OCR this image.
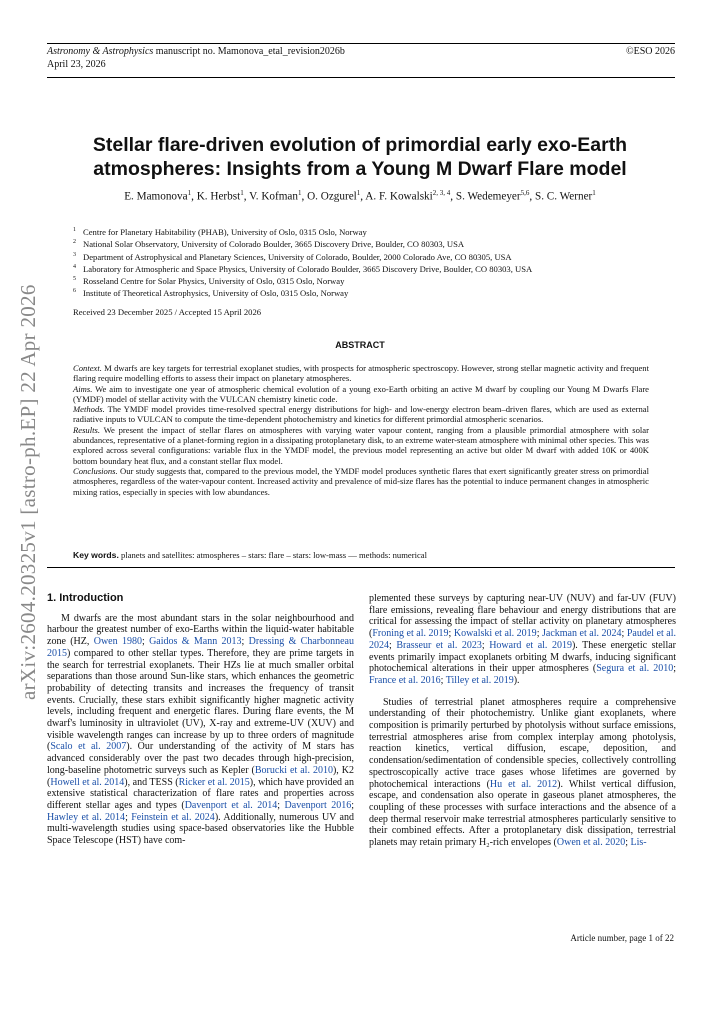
Astronomy & Astrophysics manuscript no. Mamonova_etal_revision2026b
April 23, 2026
©ESO 2026
arXiv:2604.20325v1 [astro-ph.EP] 22 Apr 2026
Stellar flare-driven evolution of primordial early exo-Earth atmospheres: Insights from a Young M Dwarf Flare model
E. Mamonova$^1$, K. Herbst$^1$, V. Kofman$^1$, O. Ozgurel$^1$, A. F. Kowalski$^{2, 3, 4}$, S. Wedemeyer$^{5,6}$, S. C. Werner$^1$
$^1$ Centre for Planetary Habitability (PHAB), University of Oslo, 0315 Oslo, Norway
$^2$ National Solar Observatory, University of Colorado Boulder, 3665 Discovery Drive, Boulder, CO 80303, USA
$^3$ Department of Astrophysical and Planetary Sciences, University of Colorado, Boulder, 2000 Colorado Ave, CO 80305, USA
$^4$ Laboratory for Atmospheric and Space Physics, University of Colorado Boulder, 3665 Discovery Drive, Boulder, CO 80303, USA
$^5$ Rosseland Centre for Solar Physics, University of Oslo, 0315 Oslo, Norway
$^6$ Institute of Theoretical Astrophysics, University of Oslo, 0315 Oslo, Norway
Received 23 December 2025 / Accepted 15 April 2026
ABSTRACT

Context. M dwarfs are key targets for terrestrial exoplanet studies, with prospects for atmospheric spectroscopy. However, strong stellar magnetic activity and frequent flaring require modelling efforts to assess their impact on planetary atmospheres.

Aims. We aim to investigate one year of atmospheric chemical evolution of a young exo-Earth orbiting an active M dwarf by coupling our Young M Dwarfs Flare (YMDF) model of stellar activity with the VULCAN chemistry kinetic code.

Methods. The YMDF model provides time-resolved spectral energy distributions for high- and low-energy electron beam–driven flares, which are used as external radiative inputs to VULCAN to compute the time-dependent photochemistry and kinetics for different primordial atmospheric scenarios.

Results. We present the impact of stellar flares on atmospheres with varying water vapour content, ranging from a plausible primordial atmosphere with solar abundances, representative of a planet-forming region in a dissipating protoplanetary disk, to an extreme water-steam atmosphere with minimal other species. This was explored across several configurations: variable flux in the YMDF model, the previous model representing an active but older M dwarf with added 10K or 400K bottom boundary heat flux, and a constant stellar flux model.

Conclusions. Our study suggests that, compared to the previous model, the YMDF model produces synthetic flares that exert significantly greater stress on primordial atmospheres, regardless of the water-vapour content. Increased activity and prevalence of mid-size flares has the potential to induce permanent changes in atmospheric mixing ratios, especially in species with low abundances.

Key words. planets and satellites: atmospheres – stars: flare – stars: low-mass — methods: numerical
1. Introduction

M dwarfs are the most abundant stars in the solar neighbourhood and harbour the greatest number of exo-Earths within the liquid-water habitable zone (HZ, Owen 1980; Gaidos & Mann 2013; Dressing & Charbonneau 2015) compared to other stellar types. Therefore, they are prime targets in the search for terrestrial exoplanets. Their HZs lie at much smaller orbital separations than those around Sun-like stars, which enhances the geometric probability of detecting transits and increases the frequency of transit events. Crucially, these stars exhibit significantly higher magnetic activity levels, including frequent and energetic flares. During flare events, the M dwarf's luminosity in ultraviolet (UV), X-ray and extreme-UV (XUV) and visible wavelength ranges can increase by up to three orders of magnitude (Scalo et al. 2007). Our understanding of the activity of M stars has advanced considerably over the past two decades through high-precision, long-baseline photometric surveys such as Kepler (Borucki et al. 2010), K2 (Howell et al. 2014), and TESS (Ricker et al. 2015), which have provided an extensive statistical characterization of flare rates and properties across different stellar ages and types (Davenport et al. 2014; Davenport 2016; Hawley et al. 2014; Feinstein et al. 2024). Additionally, numerous UV and multi-wavelength studies using space-based observatories like the Hubble Space Telescope (HST) have com-

plemented these surveys by capturing near-UV (NUV) and far-UV (FUV) flare emissions, revealing flare behaviour and energy distributions that are critical for assessing the impact of stellar activity on planetary atmospheres (Froning et al. 2019; Kowalski et al. 2019; Jackman et al. 2024; Paudel et al. 2024; Brasseur et al. 2023; Howard et al. 2019). These energetic stellar events primarily impact exoplanets orbiting M dwarfs, inducing significant photochemical alterations in their upper atmospheres (Segura et al. 2010; France et al. 2016; Tilley et al. 2019).

Studies of terrestrial planet atmospheres require a comprehensive understanding of their photochemistry. Unlike giant exoplanets, where composition is primarily perturbed by photolysis without surface emissions, terrestrial atmospheres arise from complex interplay among photolysis, reaction kinetics, vertical diffusion, escape, deposition, and condensation/sedimentation of condensible species, collectively controlling spectroscopically active trace gases whose lifetimes are governed by photochemical interactions (Hu et al. 2012). Whilst vertical diffusion, escape, and condensation also operate in gaseous planet atmospheres, the coupling of these processes with surface interactions and the absence of a deep thermal reservoir make terrestrial atmospheres particularly sensitive to their combined effects. After a protoplanetary disk dissipation, terrestrial planets may retain primary H₂-rich envelopes (Owen et al. 2020; Lis-

Article number, page 1 of 22
